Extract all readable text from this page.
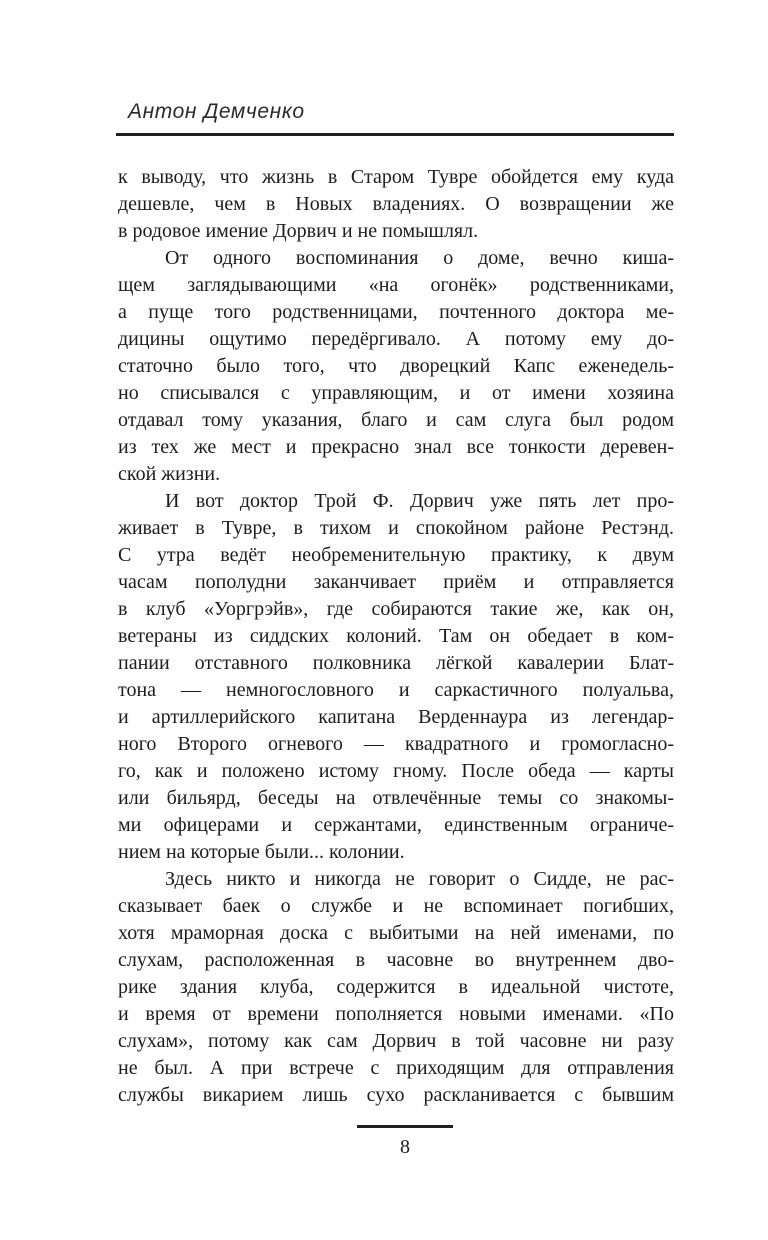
Антон Демченко

к выводу, что жизнь в Старом Тувре обойдется ему куда
дешевле, чем в Новых владениях. О возвращении же
в родовое имение Дорвич и не помышлял.

От одного воспоминания о доме, вечно киша-
щем заглядывающими «на огонёк» родственниками,
а пуще того родственницами, почтенного доктора ме-
дицины ощутимо передёргивало. А потому ему до-
статочно было того, что дворецкий Капс еженедель-
но списывался с управляющим, и от имени хозяина
отдавал тому указания, благо и сам слуга был родом
из тех же мест и прекрасно знал все тонкости деревен-
ской жизни.

И вот доктор Трой Ф. Дорвич уже пять лет про-
живает в Тувре, в тихом и спокойном районе Рестэнд.
С утра ведёт необременительную практику, к двум
часам пополудни заканчивает приём и отправляется
в клуб «Уоргрэйв», где собираются такие же, как он,
ветераны из сиддских колоний. Там он обедает в ком-
пании отставного полковника лёгкой кавалерии Блат-
тона — немногословного и саркастичного полуальва,
и артиллерийского капитана Верденнаура из легендар-
ного Второго огневого — квадратного и громогласно-
го, как и положено истому гному. После обеда — карты
или бильярд, беседы на отвлечённые темы со знакомы-
ми офицерами и сержантами, единственным ограниче-
нием на которые были... колонии.

Здесь никто и никогда не говорит о Сидде, не рас-
сказывает баек о службе и не вспоминает погибших,
хотя мраморная доска с выбитыми на ней именами, по
слухам, расположенная в часовне во внутреннем дво-
рике здания клуба, содержится в идеальной чистоте,
и время от времени пополняется новыми именами. «По
слухам», потому как сам Дорвич в той часовне ни разу
не был. А при встрече с приходящим для отправления
службы викарием лишь сухо раскланивается с бывшим

8
